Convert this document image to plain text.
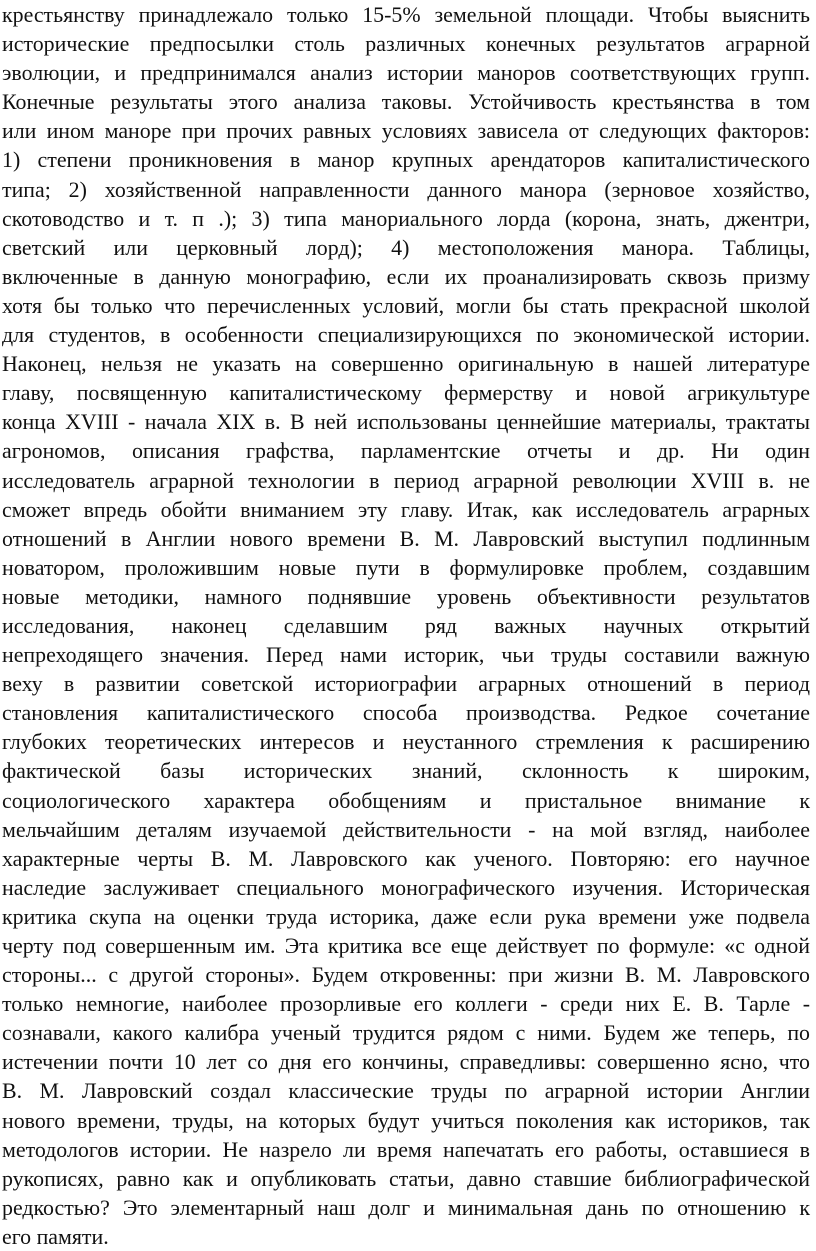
крестьянству принадлежало только 15-5% земельной площади. Чтобы выяснить
исторические предпосылки столь различных конечных результатов аграрной
эволюции, и предпринимался анализ истории маноров соответствующих групп.
Конечные результаты этого анализа таковы. Устойчивость крестьянства в том
или ином маноре при прочих равных условиях зависела от следующих факторов:
1) степени проникновения в манор крупных арендаторов капиталистического
типа; 2) хозяйственной направленности данного манора (зерновое хозяйство,
скотоводство и т. п .); 3) типа манориального лорда (корона, знать, джентри,
светский или церковный лорд); 4) местоположения манора. Таблицы,
включенные в данную монографию, если их проанализировать сквозь призму
хотя бы только что перечисленных условий, могли бы стать прекрасной школой
для студентов, в особенности специализирующихся по экономической истории.
Наконец, нельзя не указать на совершенно оригинальную в нашей литературе
главу, посвященную капиталистическому фермерству и новой агрикультуре
конца XVIII - начала XIX в. В ней использованы ценнейшие материалы, трактаты
агрономов, описания графства, парламентские отчеты и др. Ни один
исследователь аграрной технологии в период аграрной революции XVIII в. не
сможет впредь обойти вниманием эту главу. Итак, как исследователь аграрных
отношений в Англии нового времени В. М. Лавровский выступил подлинным
новатором, проложившим новые пути в формулировке проблем, создавшим
новые методики, намного поднявшие уровень объективности результатов
исследования, наконец сделавшим ряд важных научных открытий
непреходящего значения. Перед нами историк, чьи труды составили важную
веху в развитии советской историографии аграрных отношений в период
становления капиталистического способа производства. Редкое сочетание
глубоких теоретических интересов и неустанного стремления к расширению
фактической базы исторических знаний, склонность к широким,
социологического характера обобщениям и пристальное внимание к
мельчайшим деталям изучаемой действительности - на мой взгляд, наиболее
характерные черты В. М. Лавровского как ученого. Повторяю: его научное
наследие заслуживает специального монографического изучения. Историческая
критика скупа на оценки труда историка, даже если рука времени уже подвела
черту под совершенным им. Эта критика все еще действует по формуле: «с одной
стороны... с другой стороны». Будем откровенны: при жизни В. М. Лавровского
только немногие, наиболее прозорливые его коллеги - среди них Е. В. Тарле -
сознавали, какого калибра ученый трудится рядом с ними. Будем же теперь, по
истечении почти 10 лет со дня его кончины, справедливы: совершенно ясно, что
В. М. Лавровский создал классические труды по аграрной истории Англии
нового времени, труды, на которых будут учиться поколения как историков, так
методологов истории. Не назрело ли время напечатать его работы, оставшиеся в
рукописях, равно как и опубликовать статьи, давно ставшие библиографической
редкостью? Это элементарный наш долг и минимальная дань по отношению к
его памяти.
